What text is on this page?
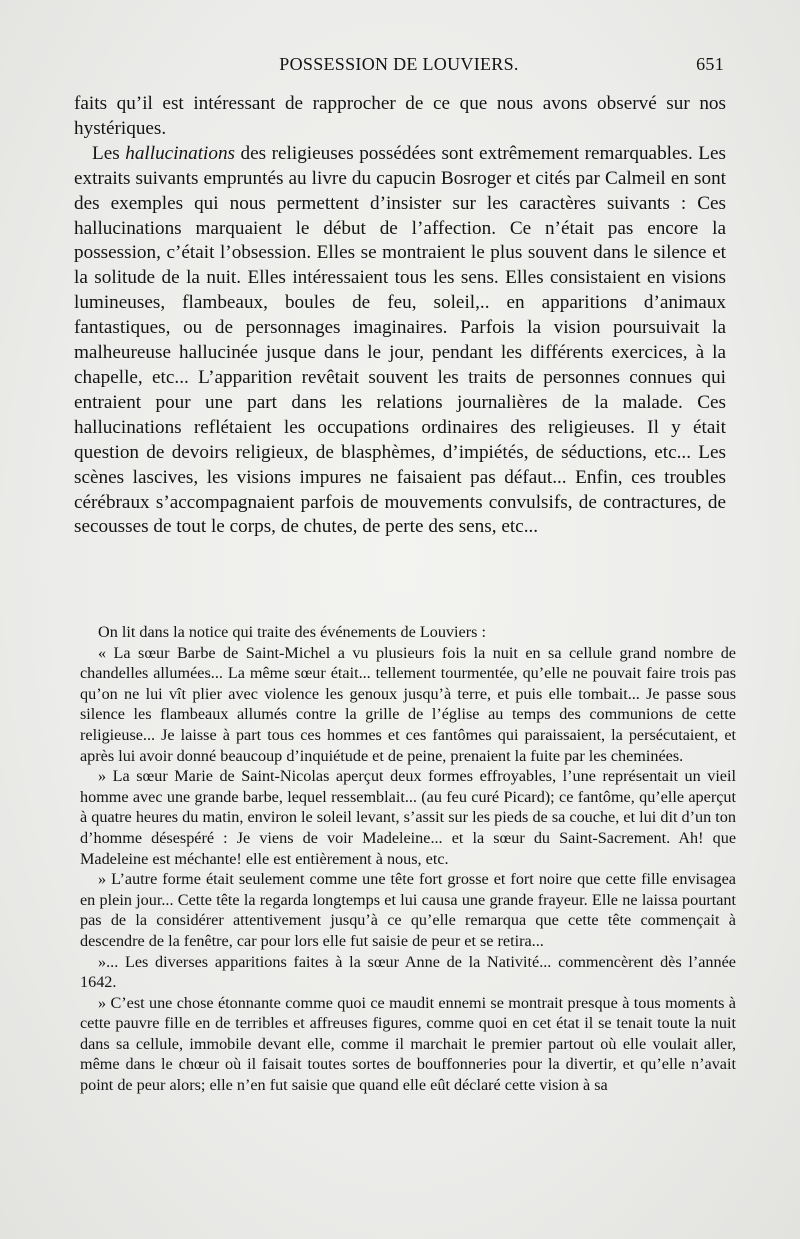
POSSESSION DE LOUVIERS.	651

faits qu’il est intéressant de rapprocher de ce que nous avons observé sur nos hystériques.

Les hallucinations des religieuses possédées sont extrêmement remarquables. Les extraits suivants empruntés au livre du capucin Bosroger et cités par Calmeil en sont des exemples qui nous permettent d’insister sur les caractères suivants : Ces hallucinations marquaient le début de l’affection. Ce n’était pas encore la possession, c’était l’obsession. Elles se montraient le plus souvent dans le silence et la solitude de la nuit. Elles intéressaient tous les sens. Elles consistaient en visions lumineuses, flambeaux, boules de feu, soleil,.. en apparitions d’animaux fantastiques, ou de personnages imaginaires. Parfois la vision poursuivait la malheureuse hallucinée jusque dans le jour, pendant les différents exercices, à la chapelle, etc... L’apparition revêtait souvent les traits de personnes connues qui entraient pour une part dans les relations journalières de la malade. Ces hallucinations reflétaient les occupations ordinaires des religieuses. Il y était question de devoirs religieux, de blasphèmes, d’impiétés, de séductions, etc... Les scènes lascives, les visions impures ne faisaient pas défaut... Enfin, ces troubles cérébraux s’accompagnaient parfois de mouvements convulsifs, de contractures, de secousses de tout le corps, de chutes, de perte des sens, etc...

On lit dans la notice qui traite des événements de Louviers :

« La sœur Barbe de Saint-Michel a vu plusieurs fois la nuit en sa cellule grand nombre de chandelles allumées... La même sœur était... tellement tourmentée, qu’elle ne pouvait faire trois pas qu’on ne lui vît plier avec violence les genoux jusqu’à terre, et puis elle tombait... Je passe sous silence les flambeaux allumés contre la grille de l’église au temps des communions de cette religieuse... Je laisse à part tous ces hommes et ces fantômes qui paraissaient, la persécutaient, et après lui avoir donné beaucoup d’inquiétude et de peine, prenaient la fuite par les cheminées.

» La sœur Marie de Saint-Nicolas aperçut deux formes effroyables, l’une représentait un vieil homme avec une grande barbe, lequel ressemblait... (au feu curé Picard); ce fantôme, qu’elle aperçut à quatre heures du matin, environ le soleil levant, s’assit sur les pieds de sa couche, et lui dit d’un ton d’homme désespéré : Je viens de voir Madeleine... et la sœur du Saint-Sacrement. Ah! que Madeleine est méchante! elle est entièrement à nous, etc.

» L’autre forme était seulement comme une tête fort grosse et fort noire que cette fille envisagea en plein jour... Cette tête la regarda longtemps et lui causa une grande frayeur. Elle ne laissa pourtant pas de la considérer attentivement jusqu’à ce qu’elle remarqua que cette tête commençait à descendre de la fenêtre, car pour lors elle fut saisie de peur et se retira...

»... Les diverses apparitions faites à la sœur Anne de la Nativité... commencèrent dès l’année 1642.

» C’est une chose étonnante comme quoi ce maudit ennemi se montrait presque à tous moments à cette pauvre fille en de terribles et affreuses figures, comme quoi en cet état il se tenait toute la nuit dans sa cellule, immobile devant elle, comme il marchait le premier partout où elle voulait aller, même dans le chœur où il faisait toutes sortes de bouffonneries pour la divertir, et qu’elle n’avait point de peur alors; elle n’en fut saisie que quand elle eût déclaré cette vision à sa
